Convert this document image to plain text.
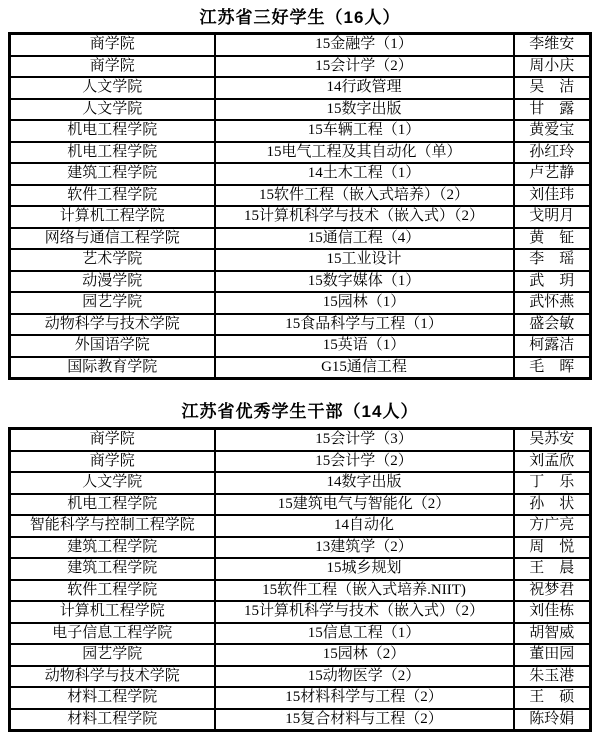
江苏省三好学生（16人）
商学院	15金融学（1）	李维安
商学院	15会计学（2）	周小庆
人文学院	14行政管理	吴　洁
人文学院	15数字出版	甘　露
机电工程学院	15车辆工程（1）	黄爱宝
机电工程学院	15电气工程及其自动化（单）	孙红玲
建筑工程学院	14土木工程（1）	卢艺静
软件工程学院	15软件工程（嵌入式培养）（2）	刘佳玮
计算机工程学院	15计算机科学与技术（嵌入式）（2）	戈明月
网络与通信工程学院	15通信工程（4）	黄　钲
艺术学院	15工业设计	李　瑶
动漫学院	15数字媒体（1）	武　玥
园艺学院	15园林（1）	武怀燕
动物科学与技术学院	15食品科学与工程（1）	盛会敏
外国语学院	15英语（1）	柯露洁
国际教育学院	G15通信工程	毛　晖
江苏省优秀学生干部（14人）
商学院	15会计学（3）	吴苏安
商学院	15会计学（2）	刘孟欣
人文学院	14数字出版	丁　乐
机电工程学院	15建筑电气与智能化（2）	孙　状
智能科学与控制工程学院	14自动化	方广亮
建筑工程学院	13建筑学（2）	周　悦
建筑工程学院	15城乡规划	王　晨
软件工程学院	15软件工程（嵌入式培养.NIIT)	祝梦君
计算机工程学院	15计算机科学与技术（嵌入式）（2）	刘佳栋
电子信息工程学院	15信息工程（1）	胡智威
园艺学院	15园林（2）	董田园
动物科学与技术学院	15动物医学（2）	朱玉港
材料工程学院	15材料科学与工程（2）	王　硕
材料工程学院	15复合材料与工程（2）	陈玲娟
